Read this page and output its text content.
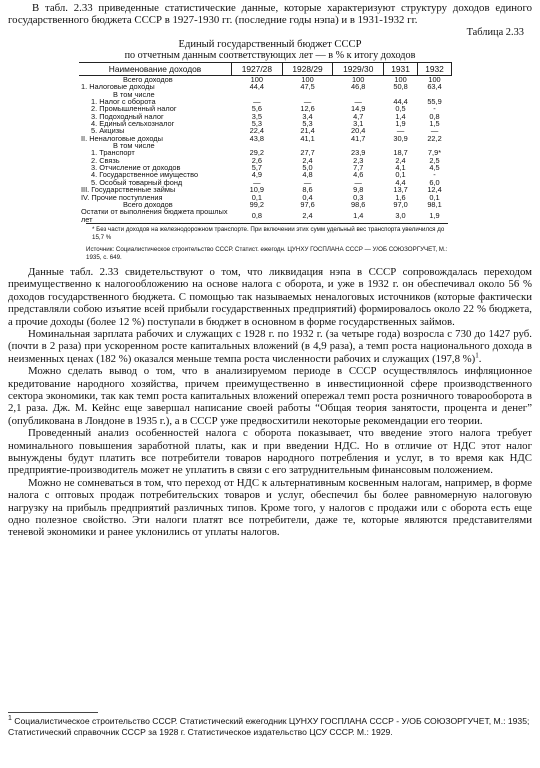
В табл. 2.33 приведенные статистические данные, которые характеризуют структуру доходов единого государственного бюджета СССР в 1927-1930 гг. (последние годы нэпа) и в 1931-1932 гг.

Таблица 2.33

Единый государственный бюджет СССР

по отчетным данным соответствующих лет — в % к итогу доходов

Наименование доходов	1927/28	1928/29	1929/30	1931	1932
Всего доходов	100	100	100	100	100
1. Налоговые доходы	44,4	47,5	46,8	50,8	63,4
В том числе					
1. Налог с оборота	—	—	—	44,4	55,9
2. Промышленный налог	5,6	12,6	14,9	0,5	-
3. Подоходный налог	3,5	3,4	4,7	1,4	0,8
4. Единый сельхозналог	5,3	5,3	3,1	1,9	1,5
5. Акцизы	22,4	21,4	20,4	—	—
II. Неналоговые доходы	43,8	41,1	41,7	30,9	22,2
В том числе					
1. Транспорт	29,2	27,7	23,9	18,7	7,9*
2. Связь	2,6	2,4	2,3	2,4	2,5
3. Отчисление от доходов	5,7	5,0	7,7	4,1	4,5
4. Государственное имущество	4,9	4,8	4,6	0,1	-
5. Особый товарный фонд	—	—	—	4,4	6,0
III. Государственные займы	10,9	8,6	9,8	13,7	12,4
IV. Прочие поступления	0,1	0,4	0,3	1,6	0,1
Всего доходов	99,2	97,6	98,6	97,0	98,1
Остатки от выполнения бюджета прошлых лет	0,8	2,4	1,4	3,0	1,9

* Без части доходов на железнодорожном транспорте. При включении этих сумм удельный вес транспорта увеличился до 15,7 %

Источник: Социалистическое строительство СССР. Статист. ежегодн. ЦУНХУ ГОСПЛАНА СССР — У/ОБ СОЮЗОРГУЧЕТ, М.: 1935, с. 649.

Данные табл. 2.33 свидетельствуют о том, что ликвидация нэпа в СССР сопровождалась переходом преимущественно к налогообложению на основе налога с оборота, и уже в 1932 г. он обеспечивал около 56 % доходов государственного бюджета. С помощью так называемых неналоговых источников (которые фактически представляли собою изъятие всей прибыли государственных предприятий) формировалось около 22 % бюджета, а прочие доходы (более 12 %) поступали в бюджет в основном в форме государственных займов.

Номинальная зарплата рабочих и служащих с 1928 г. по 1932 г. (за четыре года) возросла с 730 до 1427 руб. (почти в 2 раза) при ускоренном росте капитальных вложений (в 4,9 раза), а темп роста национального дохода в неизменных ценах (182 %) оказался меньше темпа роста численности рабочих и служащих (197,8 %)$^1$.

Можно сделать вывод о том, что в анализируемом периоде в СССР осуществлялось инфляционное кредитование народного хозяйства, причем преимущественно в инвестиционной сфере производственного сектора экономики, так как темп роста капитальных вложений опережал темп роста розничного товарооборота в 2,1 раза. Дж. М. Кейнс еще завершал написание своей работы “Общая теория занятости, процента и денег” (опубликована в Лондоне в 1935 г.), а в СССР уже предвосхитили некоторые рекомендации его теории.

Проведенный анализ особенностей налога с оборота показывает, что введение этого налога требует номинального повышения заработной платы, как и при введении НДС. Но в отличие от НДС этот налог вынуждены будут платить все потребители товаров народного потребления и услуг, в то время как НДС предприятие-производитель может не уплатить в связи с его затруднительным финансовым положением.

Можно не сомневаться в том, что переход от НДС к альтернативным косвенным налогам, например, в форме налога с оптовых продаж потребительских товаров и услуг, обеспечил бы более равномерную налоговую нагрузку на прибыль предприятий различных типов. Кроме того, у налогов с продажи или с оборота есть еще одно полезное свойство. Эти налоги платят все потребители, даже те, которые являются представителями теневой экономики и ранее уклонились от уплаты налогов.

$^1$ Социалистическое строительство СССР. Статистический ежегодник ЦУНХУ ГОСПЛАНА СССР - У/ОБ СОЮЗОРГУЧЕТ, М.: 1935; Статистический справочник СССР за 1928 г. Статистическое издательство ЦСУ СССР. М.: 1929.
